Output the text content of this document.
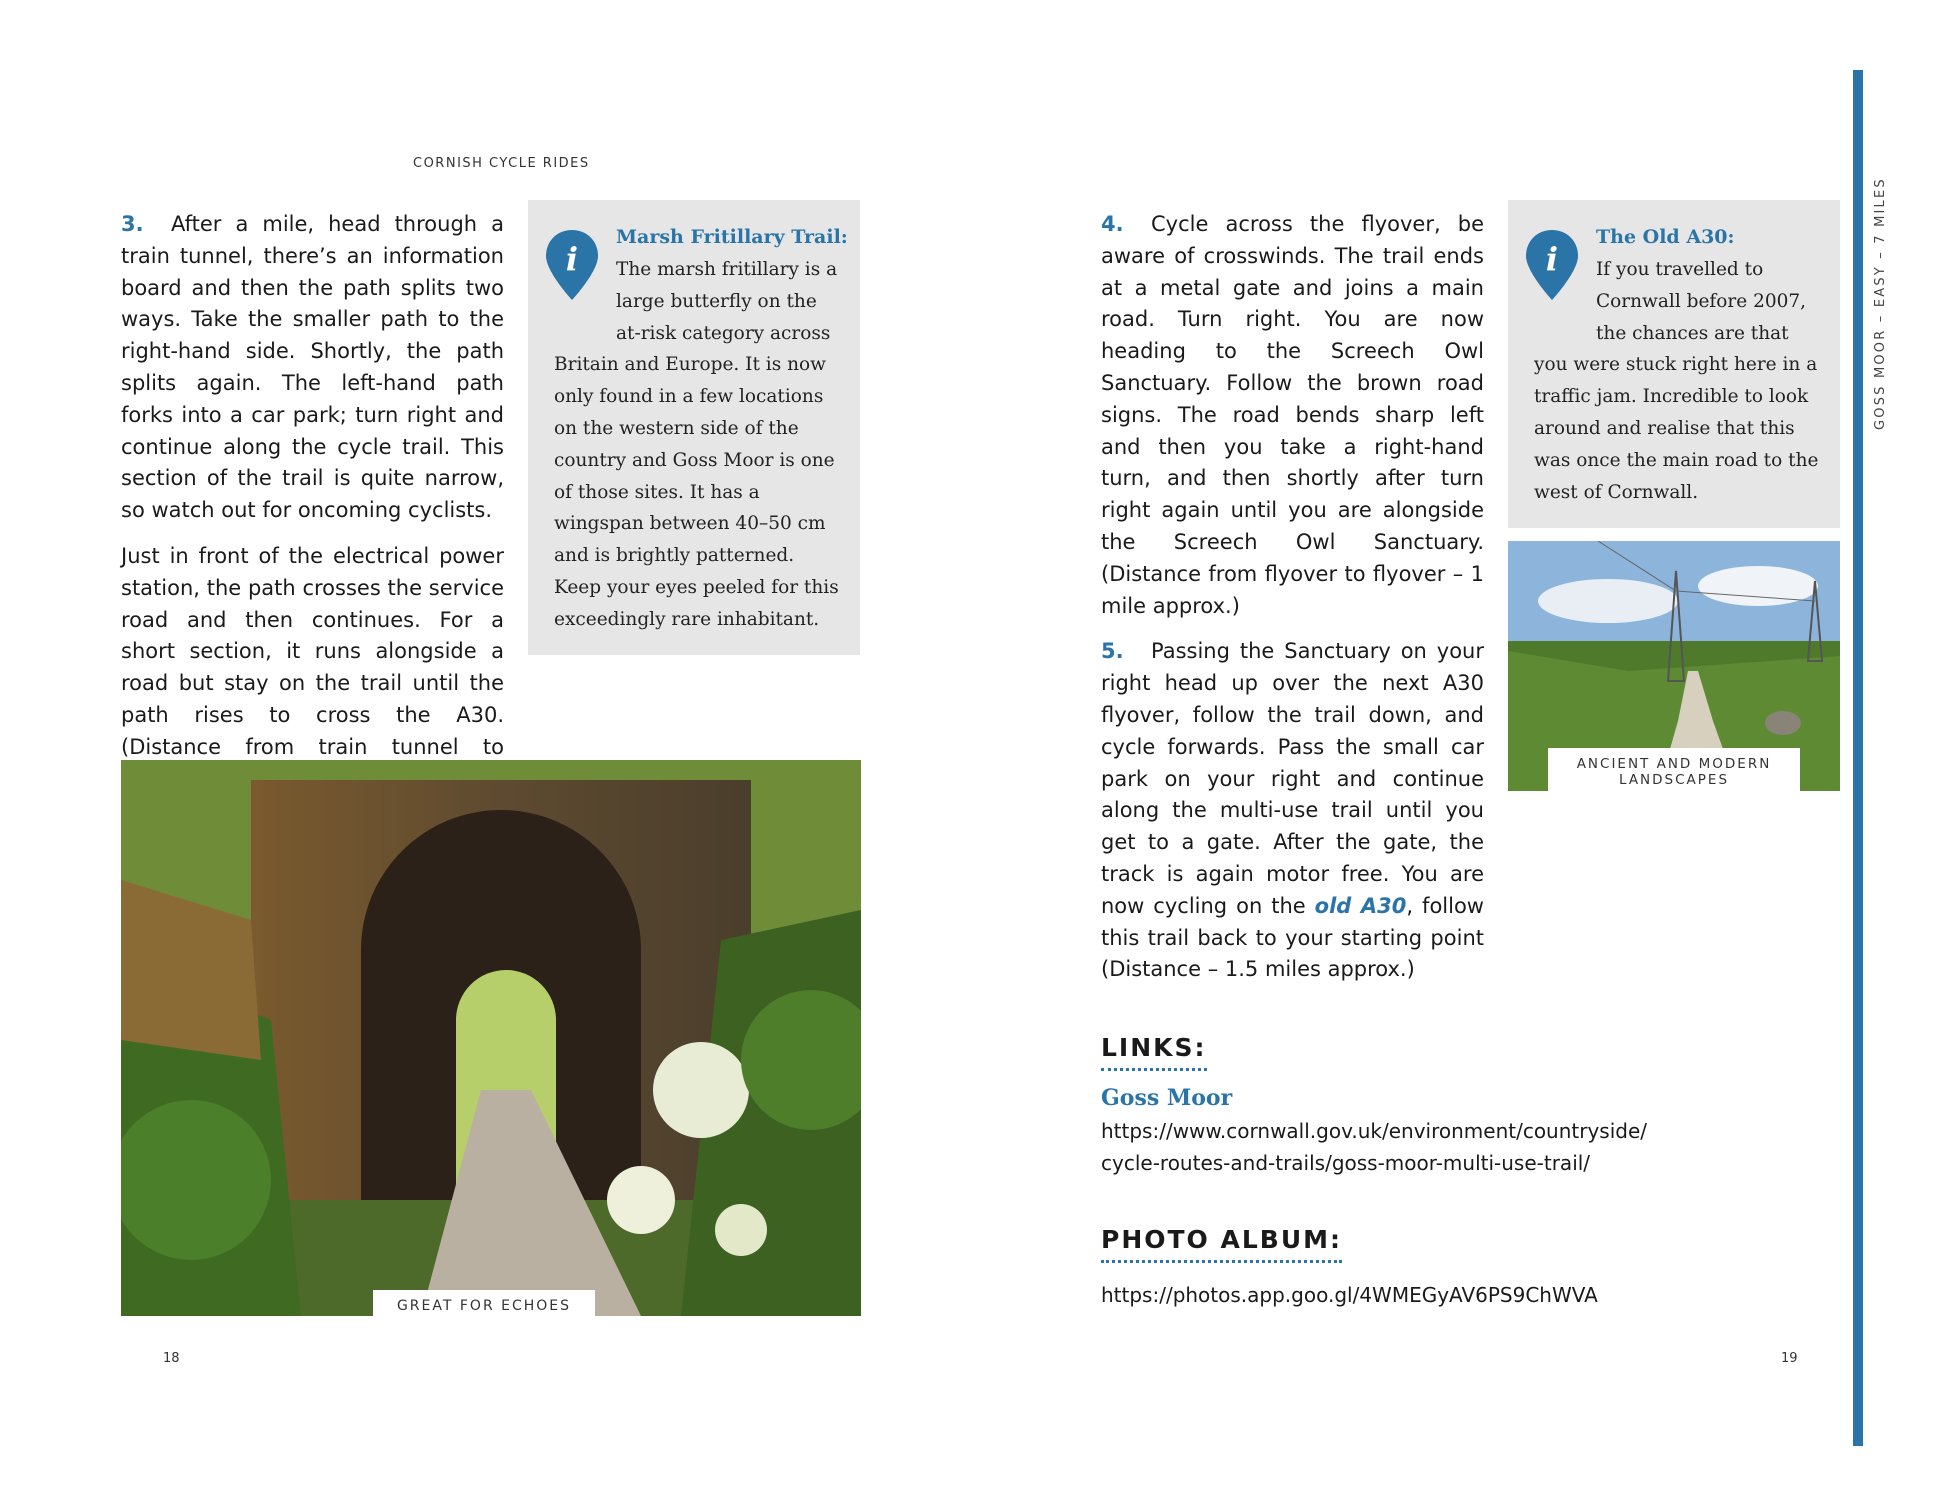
CORNISH CYCLE RIDES

3. After a mile, head through a train tunnel, there’s an information board and then the path splits two ways. Take the smaller path to the right-hand side. Shortly, the path splits again. The left-hand path forks into a car park; turn right and continue along the cycle trail. This section of the trail is quite narrow, so watch out for oncoming cyclists.

Just in front of the electrical power station, the path crosses the service road and then continues. For a short section, it runs alongside a road but stay on the trail until the path rises to cross the A30. (Distance from train tunnel to

i
Marsh Fritillary Trail:
The marsh fritillary is a large butterfly on the at-risk category across Britain and Europe. It is now only found in a few locations on the western side of the country and Goss Moor is one of those sites. It has a wingspan between 40–50 cm and is brightly patterned. Keep your eyes peeled for this exceedingly rare inhabitant.
GREAT FOR ECHOES
18

4. Cycle across the flyover, be aware of crosswinds. The trail ends at a metal gate and joins a main road. Turn right. You are now heading to the Screech Owl Sanctuary. Follow the brown road signs. The road bends sharp left and then you take a right-hand turn, and then shortly after turn right again until you are alongside the Screech Owl Sanctuary. (Distance from flyover to flyover – 1 mile approx.)

5. Passing the Sanctuary on your right head up over the next A30 flyover, follow the trail down, and cycle forwards. Pass the small car park on your right and continue along the multi-use trail until you get to a gate. After the gate, the track is again motor free. You are now cycling on the old A30, follow this trail back to your starting point (Distance – 1.5 miles approx.)

i
The Old A30:
If you travelled to Cornwall before 2007, the chances are that you were stuck right here in a traffic jam. Incredible to look around and realise that this was once the main road to the west of Cornwall.
ANCIENT AND MODERN LANDSCAPES
LINKS:
Goss Moor
https://www.cornwall.gov.uk/environment/countryside/
cycle-routes-and-trails/goss-moor-multi-use-trail/
PHOTO ALBUM:
https://photos.app.goo.gl/4WMEGyAV6PS9ChWVA
19
GOSS MOOR – EASY – 7 MILES
